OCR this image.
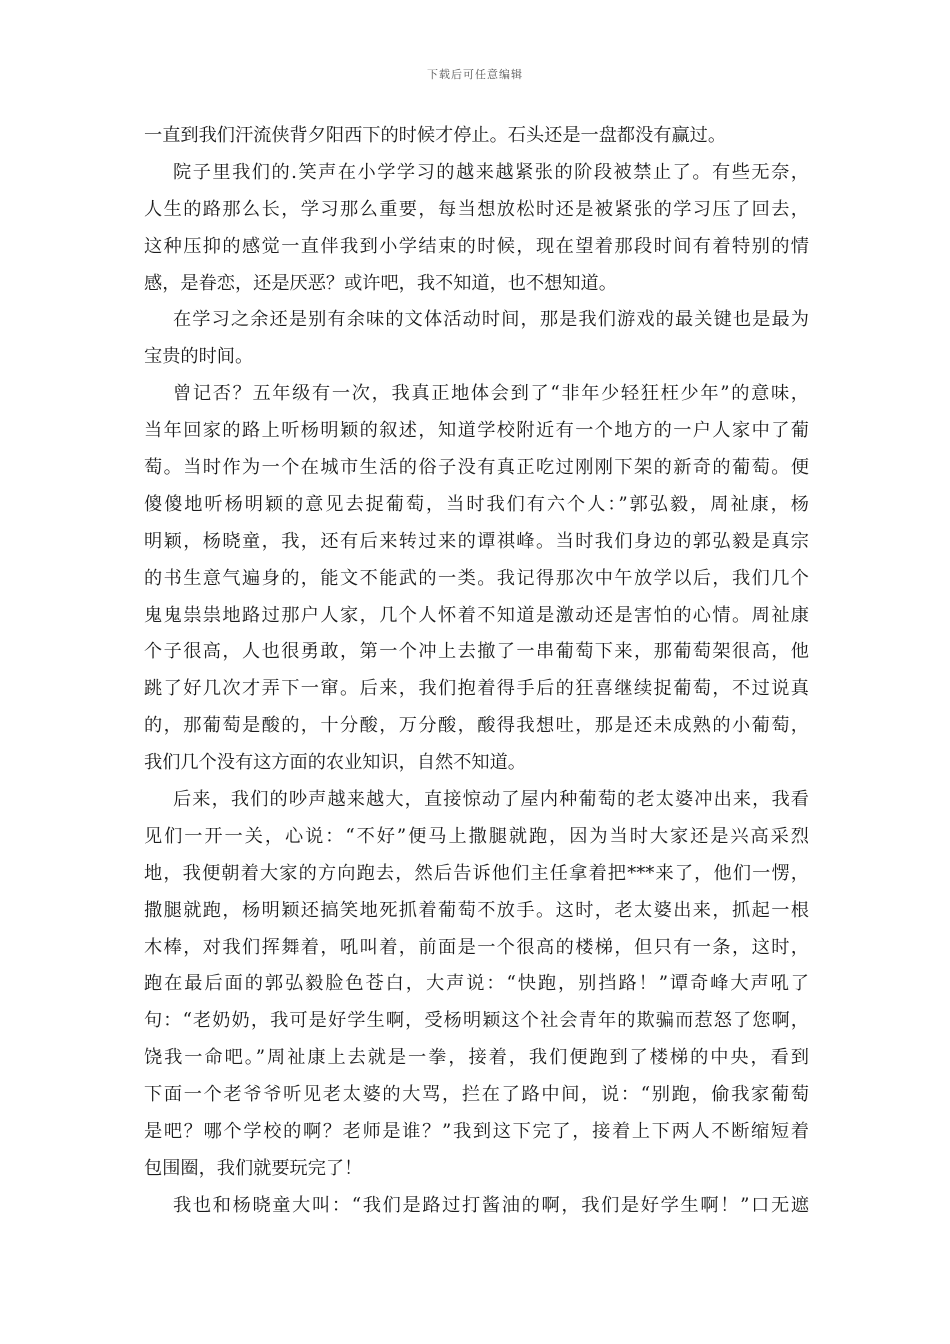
下载后可任意编辑
一直到我们汗流侠背夕阳西下的时候才停止。石头还是一盘都没有赢过。
院子里我们的.笑声在小学学习的越来越紧张的阶段被禁止了。有些无奈，
人生的路那么长，学习那么重要，每当想放松时还是被紧张的学习压了回去，
这种压抑的感觉一直伴我到小学结束的时候，现在望着那段时间有着特别的情
感，是眷恋，还是厌恶？或许吧，我不知道，也不想知道。
在学习之余还是别有余味的文体活动时间，那是我们游戏的最关键也是最为
宝贵的时间。
曾记否？五年级有一次，我真正地体会到了“非年少轻狂枉少年”的意味，
当年回家的路上听杨明颖的叙述，知道学校附近有一个地方的一户人家中了葡
萄。当时作为一个在城市生活的俗子没有真正吃过刚刚下架的新奇的葡萄。便
傻傻地听杨明颖的意见去捉葡萄，当时我们有六个人：”郭弘毅，周祉康，杨
明颖，杨晓童，我，还有后来转过来的谭祺峰。当时我们身边的郭弘毅是真宗
的书生意气遍身的，能文不能武的一类。我记得那次中午放学以后，我们几个
鬼鬼祟祟地路过那户人家，几个人怀着不知道是激动还是害怕的心情。周祉康
个子很高，人也很勇敢，第一个冲上去撤了一串葡萄下来，那葡萄架很高，他
跳了好几次才弄下一窜。后来，我们抱着得手后的狂喜继续捉葡萄，不过说真
的，那葡萄是酸的，十分酸，万分酸，酸得我想吐，那是还未成熟的小葡萄，
我们几个没有这方面的农业知识，自然不知道。
后来，我们的吵声越来越大，直接惊动了屋内种葡萄的老太婆冲出来，我看
见们一开一关，心说：“不好”便马上撒腿就跑，因为当时大家还是兴高采烈
地，我便朝着大家的方向跑去，然后告诉他们主任拿着把***来了，他们一愣，
撒腿就跑，杨明颖还搞笑地死抓着葡萄不放手。这时，老太婆出来，抓起一根
木棒，对我们挥舞着，吼叫着，前面是一个很高的楼梯，但只有一条，这时，
跑在最后面的郭弘毅脸色苍白，大声说：“快跑，别挡路！”谭奇峰大声吼了
句：“老奶奶，我可是好学生啊，受杨明颖这个社会青年的欺骗而惹怒了您啊，
饶我一命吧。”周祉康上去就是一拳，接着，我们便跑到了楼梯的中央，看到
下面一个老爷爷听见老太婆的大骂，拦在了路中间，说：“别跑，偷我家葡萄
是吧？哪个学校的啊？老师是谁？”我到这下完了，接着上下两人不断缩短着
包围圈，我们就要玩完了！
我也和杨晓童大叫：“我们是路过打酱油的啊，我们是好学生啊！”口无遮
